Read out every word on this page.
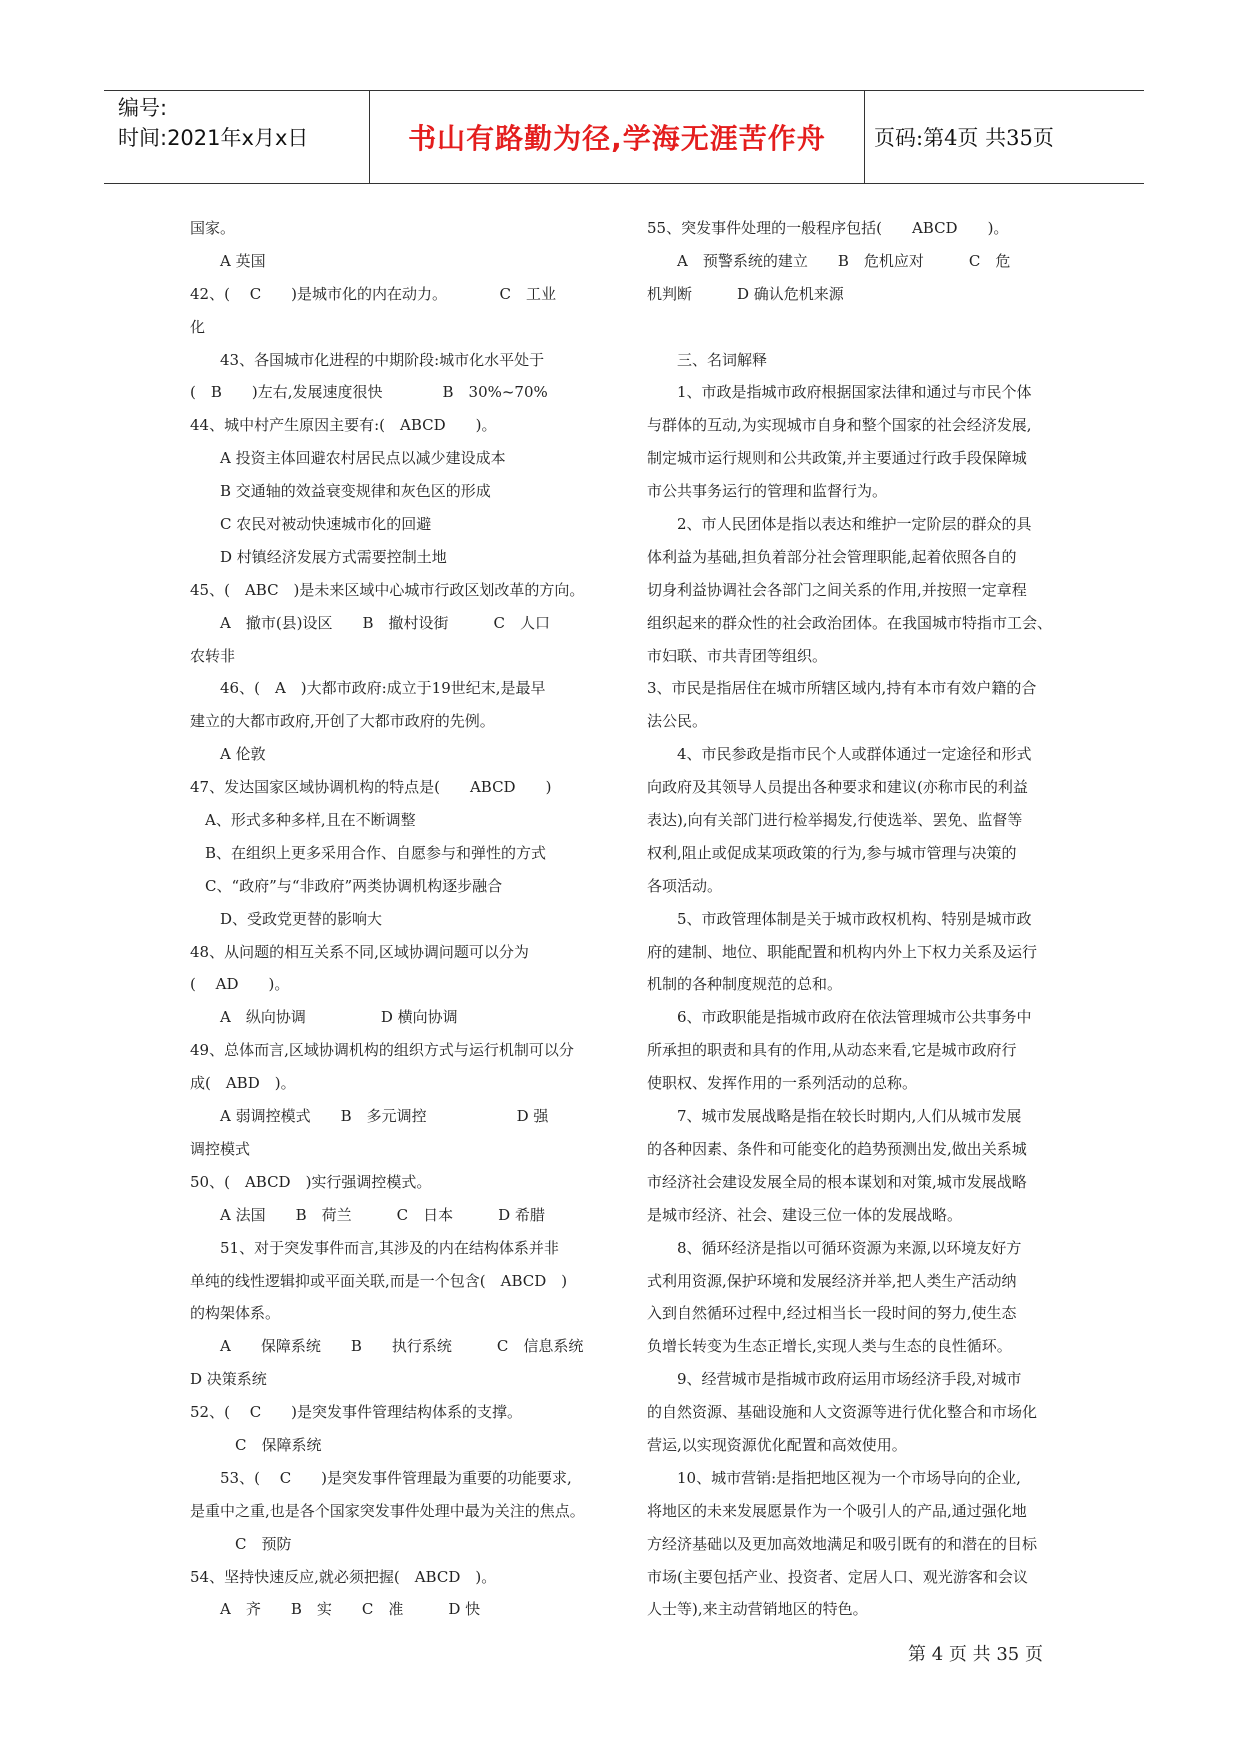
编号:
时间:2021年x月x日	书山有路勤为径,学海无涯苦作舟	页码:第4页 共35页
国家。
　　A 英国
42、(　 C　　)是城市化的内在动力。　　　　C　工业
化
　　43、各国城市化进程的中期阶段:城市化水平处于
(　B　　)左右,发展速度很快　　　　B　30%~70%
44、城中村产生原因主要有:(　ABCD　　)。
　　A 投资主体回避农村居民点以减少建设成本
　　B 交通轴的效益衰变规律和灰色区的形成
　　C 农民对被动快速城市化的回避
　　D 村镇经济发展方式需要控制土地
45、(　ABC　)是未来区域中心城市行政区划改革的方向。
　　A　撤市(县)设区　　B　撤村设街　　　C　人口
农转非
　　46、(　A　)大都市政府:成立于19世纪末,是最早
建立的大都市政府,开创了大都市政府的先例。
　　A 伦敦
47、发达国家区域协调机构的特点是(　　ABCD　　)
　A、形式多种多样,且在不断调整
　B、在组织上更多采用合作、自愿参与和弹性的方式
　C、“政府”与“非政府”两类协调机构逐步融合
　　D、受政党更替的影响大
48、从问题的相互关系不同,区域协调问题可以分为
(　 AD　　)。
　　A　纵向协调　　　　　D 横向协调
49、总体而言,区域协调机构的组织方式与运行机制可以分
成(　ABD　)。
　　A 弱调控模式　　B　多元调控　　　　　　D 强
调控模式
50、(　ABCD　)实行强调控模式。
　　A 法国　　B　荷兰　　　C　日本　　　D 希腊
　　51、对于突发事件而言,其涉及的内在结构体系并非
单纯的线性逻辑抑或平面关联,而是一个包含(　ABCD　)
的构架体系。
　　A　　保障系统　　B　　执行系统　　　C　信息系统
D 决策系统
52、(　 C　　)是突发事件管理结构体系的支撑。
　　　C　保障系统
　　53、(　 C　　)是突发事件管理最为重要的功能要求,
是重中之重,也是各个国家突发事件处理中最为关注的焦点。
　　　C　预防
54、坚持快速反应,就必须把握(　ABCD　)。
　　A　齐　　B　实　　C　准　　　D 快
55、突发事件处理的一般程序包括(　　ABCD　　)。
　　A　预警系统的建立　　B　危机应对　　　C　危
机判断　　　D 确认危机来源
　　三、名词解释
　　1、市政是指城市政府根据国家法律和通过与市民个体
与群体的互动,为实现城市自身和整个国家的社会经济发展,
制定城市运行规则和公共政策,并主要通过行政手段保障城
市公共事务运行的管理和监督行为。
　　2、市人民团体是指以表达和维护一定阶层的群众的具
体利益为基础,担负着部分社会管理职能,起着依照各自的
切身利益协调社会各部门之间关系的作用,并按照一定章程
组织起来的群众性的社会政治团体。在我国城市特指市工会、
市妇联、市共青团等组织。
3、市民是指居住在城市所辖区域内,持有本市有效户籍的合
法公民。
　　4、市民参政是指市民个人或群体通过一定途径和形式
向政府及其领导人员提出各种要求和建议(亦称市民的利益
表达),向有关部门进行检举揭发,行使选举、罢免、监督等
权利,阻止或促成某项政策的行为,参与城市管理与决策的
各项活动。
　　5、市政管理体制是关于城市政权机构、特别是城市政
府的建制、地位、职能配置和机构内外上下权力关系及运行
机制的各种制度规范的总和。
　　6、市政职能是指城市政府在依法管理城市公共事务中
所承担的职责和具有的作用,从动态来看,它是城市政府行
使职权、发挥作用的一系列活动的总称。
　　7、城市发展战略是指在较长时期内,人们从城市发展
的各种因素、条件和可能变化的趋势预测出发,做出关系城
市经济社会建设发展全局的根本谋划和对策,城市发展战略
是城市经济、社会、建设三位一体的发展战略。
　　8、循环经济是指以可循环资源为来源,以环境友好方
式利用资源,保护环境和发展经济并举,把人类生产活动纳
入到自然循环过程中,经过相当长一段时间的努力,使生态
负增长转变为生态正增长,实现人类与生态的良性循环。
　　9、经营城市是指城市政府运用市场经济手段,对城市
的自然资源、基础设施和人文资源等进行优化整合和市场化
营运,以实现资源优化配置和高效使用。
　　10、城市营销:是指把地区视为一个市场导向的企业,
将地区的未来发展愿景作为一个吸引人的产品,通过强化地
方经济基础以及更加高效地满足和吸引既有的和潜在的目标
市场(主要包括产业、投资者、定居人口、观光游客和会议
人士等),来主动营销地区的特色。
第 4 页 共 35 页
